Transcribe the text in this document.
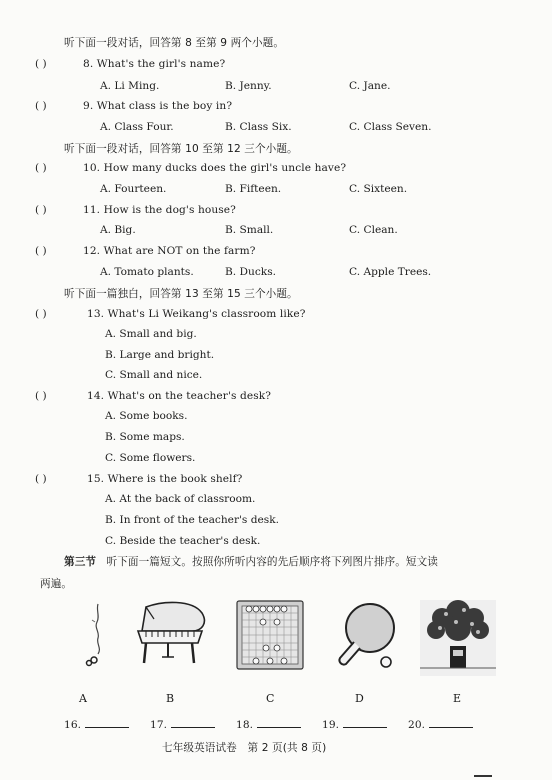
听下面一段对话，回答第 8 至第 9 两个小题。
( )	8. What's the girl's name?
A. Li Ming.	B. Jenny.	C. Jane.
( )	9. What class is the boy in?
A. Class Four.	B. Class Six.	C. Class Seven.
听下面一段对话，回答第 10 至第 12 三个小题。
( )	10. How many ducks does the girl's uncle have?
A. Fourteen.	B. Fifteen.	C. Sixteen.
( )	11. How is the dog's house?
A. Big.	B. Small.	C. Clean.
( )	12. What are NOT on the farm?
A. Tomato plants.	B. Ducks.	C. Apple Trees.
听下面一篇独白，回答第 13 至第 15 三个小题。
( )	13. What's Li Weikang's classroom like?
A. Small and big.
B. Large and bright.
C. Small and nice.
( )	14. What's on the teacher's desk?
A. Some books.
B. Some maps.
C. Some flowers.
( )	15. Where is the book shelf?
A. At the back of classroom.
B. In front of the teacher's desk.
C. Beside the teacher's desk.
第三节 听下面一篇短文。按照你所听内容的先后顺序将下列图片排序。短文读
两遍。
A	B	C	D	E
16.	17.	18.	19.	20.
七年级英语试卷　第 2 页(共 8 页)
